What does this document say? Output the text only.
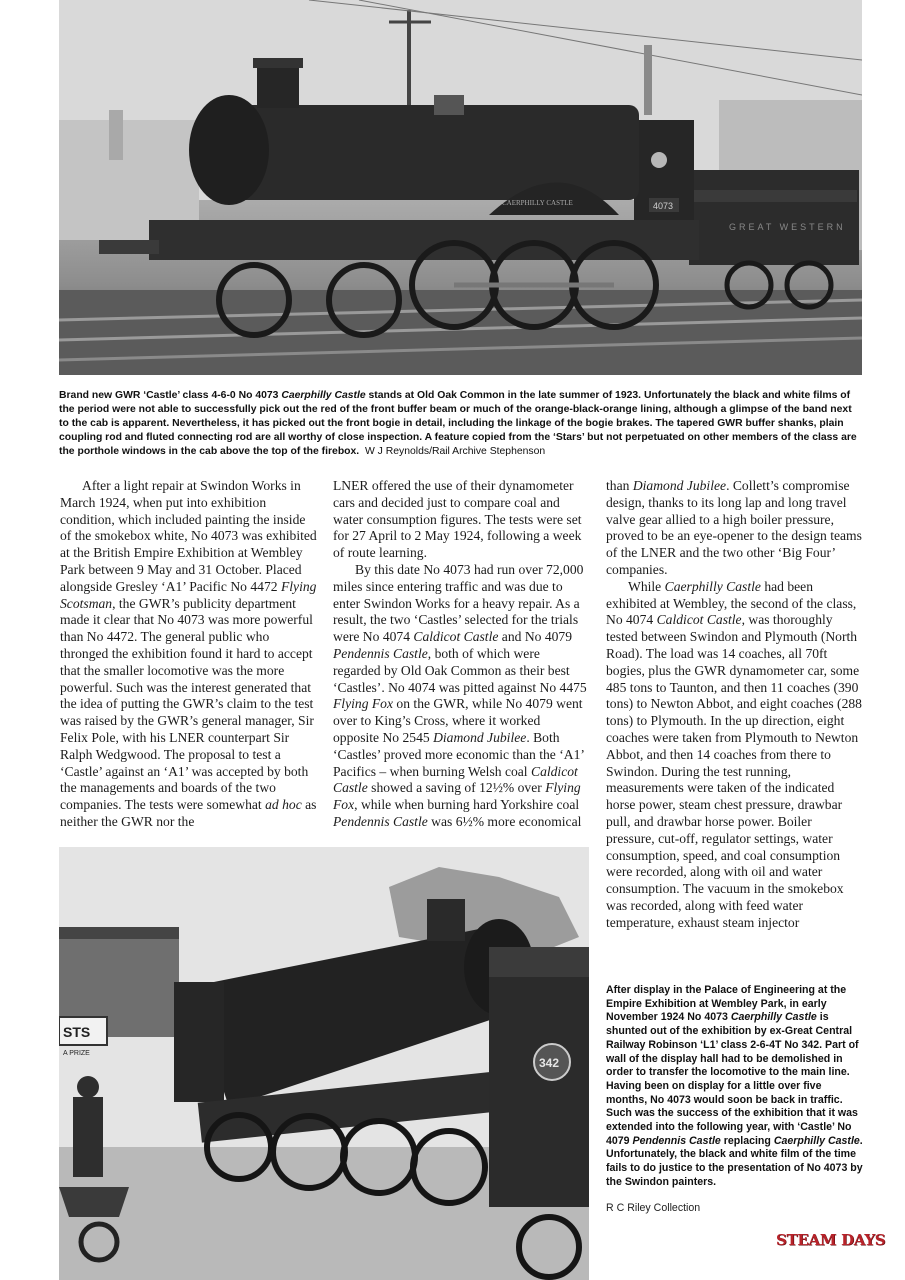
GREAT WESTERN
4073
CAERPHILLY CASTLE
Brand new GWR ‘Castle’ class 4-6-0 No 4073 Caerphilly Castle stands at Old Oak Common in the late summer of 1923. Unfortunately the black and white films of the period were not able to successfully pick out the red of the front buffer beam or much of the orange-black-orange lining, although a glimpse of the band next to the cab is apparent. Nevertheless, it has picked out the front bogie in detail, including the linkage of the bogie brakes. The tapered GWR buffer shanks, plain coupling rod and fluted connecting rod are all worthy of close inspection. A feature copied from the ‘Stars’ but not perpetuated on other members of the class are the porthole windows in the cab above the top of the firebox. W J Reynolds/Rail Archive Stephenson

After a light repair at Swindon Works in March 1924, when put into exhibition condition, which included painting the inside of the smokebox white, No 4073 was exhibited at the British Empire Exhibition at Wembley Park between 9 May and 31 October. Placed alongside Gresley ‘A1’ Pacific No 4472 Flying Scotsman, the GWR’s publicity department made it clear that No 4073 was more powerful than No 4472. The general public who thronged the exhibition found it hard to accept that the smaller locomotive was the more powerful. Such was the interest generated that the idea of putting the GWR’s claim to the test was raised by the GWR’s general manager, Sir Felix Pole, with his LNER counterpart Sir Ralph Wedgwood. The proposal to test a ‘Castle’ against an ‘A1’ was accepted by both the managements and boards of the two companies. The tests were somewhat ad hoc as neither the GWR nor the

LNER offered the use of their dynamometer cars and decided just to compare coal and water consumption figures. The tests were set for 27 April to 2 May 1924, following a week of route learning.

By this date No 4073 had run over 72,000 miles since entering traffic and was due to enter Swindon Works for a heavy repair. As a result, the two ‘Castles’ selected for the trials were No 4074 Caldicot Castle and No 4079 Pendennis Castle, both of which were regarded by Old Oak Common as their best ‘Castles’. No 4074 was pitted against No 4475 Flying Fox on the GWR, while No 4079 went over to King’s Cross, where it worked opposite No 2545 Diamond Jubilee. Both ‘Castles’ proved more economic than the ‘A1’ Pacifics – when burning Welsh coal Caldicot Castle showed a saving of 12½% over Flying Fox, while when burning hard Yorkshire coal Pendennis Castle was 6½% more economical

than Diamond Jubilee. Collett’s compromise design, thanks to its long lap and long travel valve gear allied to a high boiler pressure, proved to be an eye-opener to the design teams of the LNER and the two other ‘Big Four’ companies.

While Caerphilly Castle had been exhibited at Wembley, the second of the class, No 4074 Caldicot Castle, was thoroughly tested between Swindon and Plymouth (North Road). The load was 14 coaches, all 70ft bogies, plus the GWR dynamometer car, some 485 tons to Taunton, and then 11 coaches (390 tons) to Newton Abbot, and eight coaches (288 tons) to Plymouth. In the up direction, eight coaches were taken from Plymouth to Newton Abbot, and then 14 coaches from there to Swindon. During the test running, measurements were taken of the indicated horse power, steam chest pressure, drawbar pull, and drawbar horse power. Boiler pressure, cut-off, regulator settings, water consumption, speed, and coal consumption were recorded, along with oil and water consumption. The vacuum in the smokebox was recorded, along with feed water temperature, exhaust steam injector

STS
A PRIZE
342
After display in the Palace of Engineering at the Empire Exhibition at Wembley Park, in early November 1924 No 4073 Caerphilly Castle is shunted out of the exhibition by ex-Great Central Railway Robinson ‘L1’ class 2-6-4T No 342. Part of wall of the display hall had to be demolished in order to transfer the locomotive to the main line. Having been on display for a little over five months, No 4073 would soon be back in traffic. Such was the success of the exhibition that it was extended into the following year, with ‘Castle’ No 4079 Pendennis Castle replacing Caerphilly Castle. Unfortunately, the black and white film of the time fails to do justice to the presentation of No 4073 by the Swindon painters.
R C Riley Collection
STEAM DAYS
